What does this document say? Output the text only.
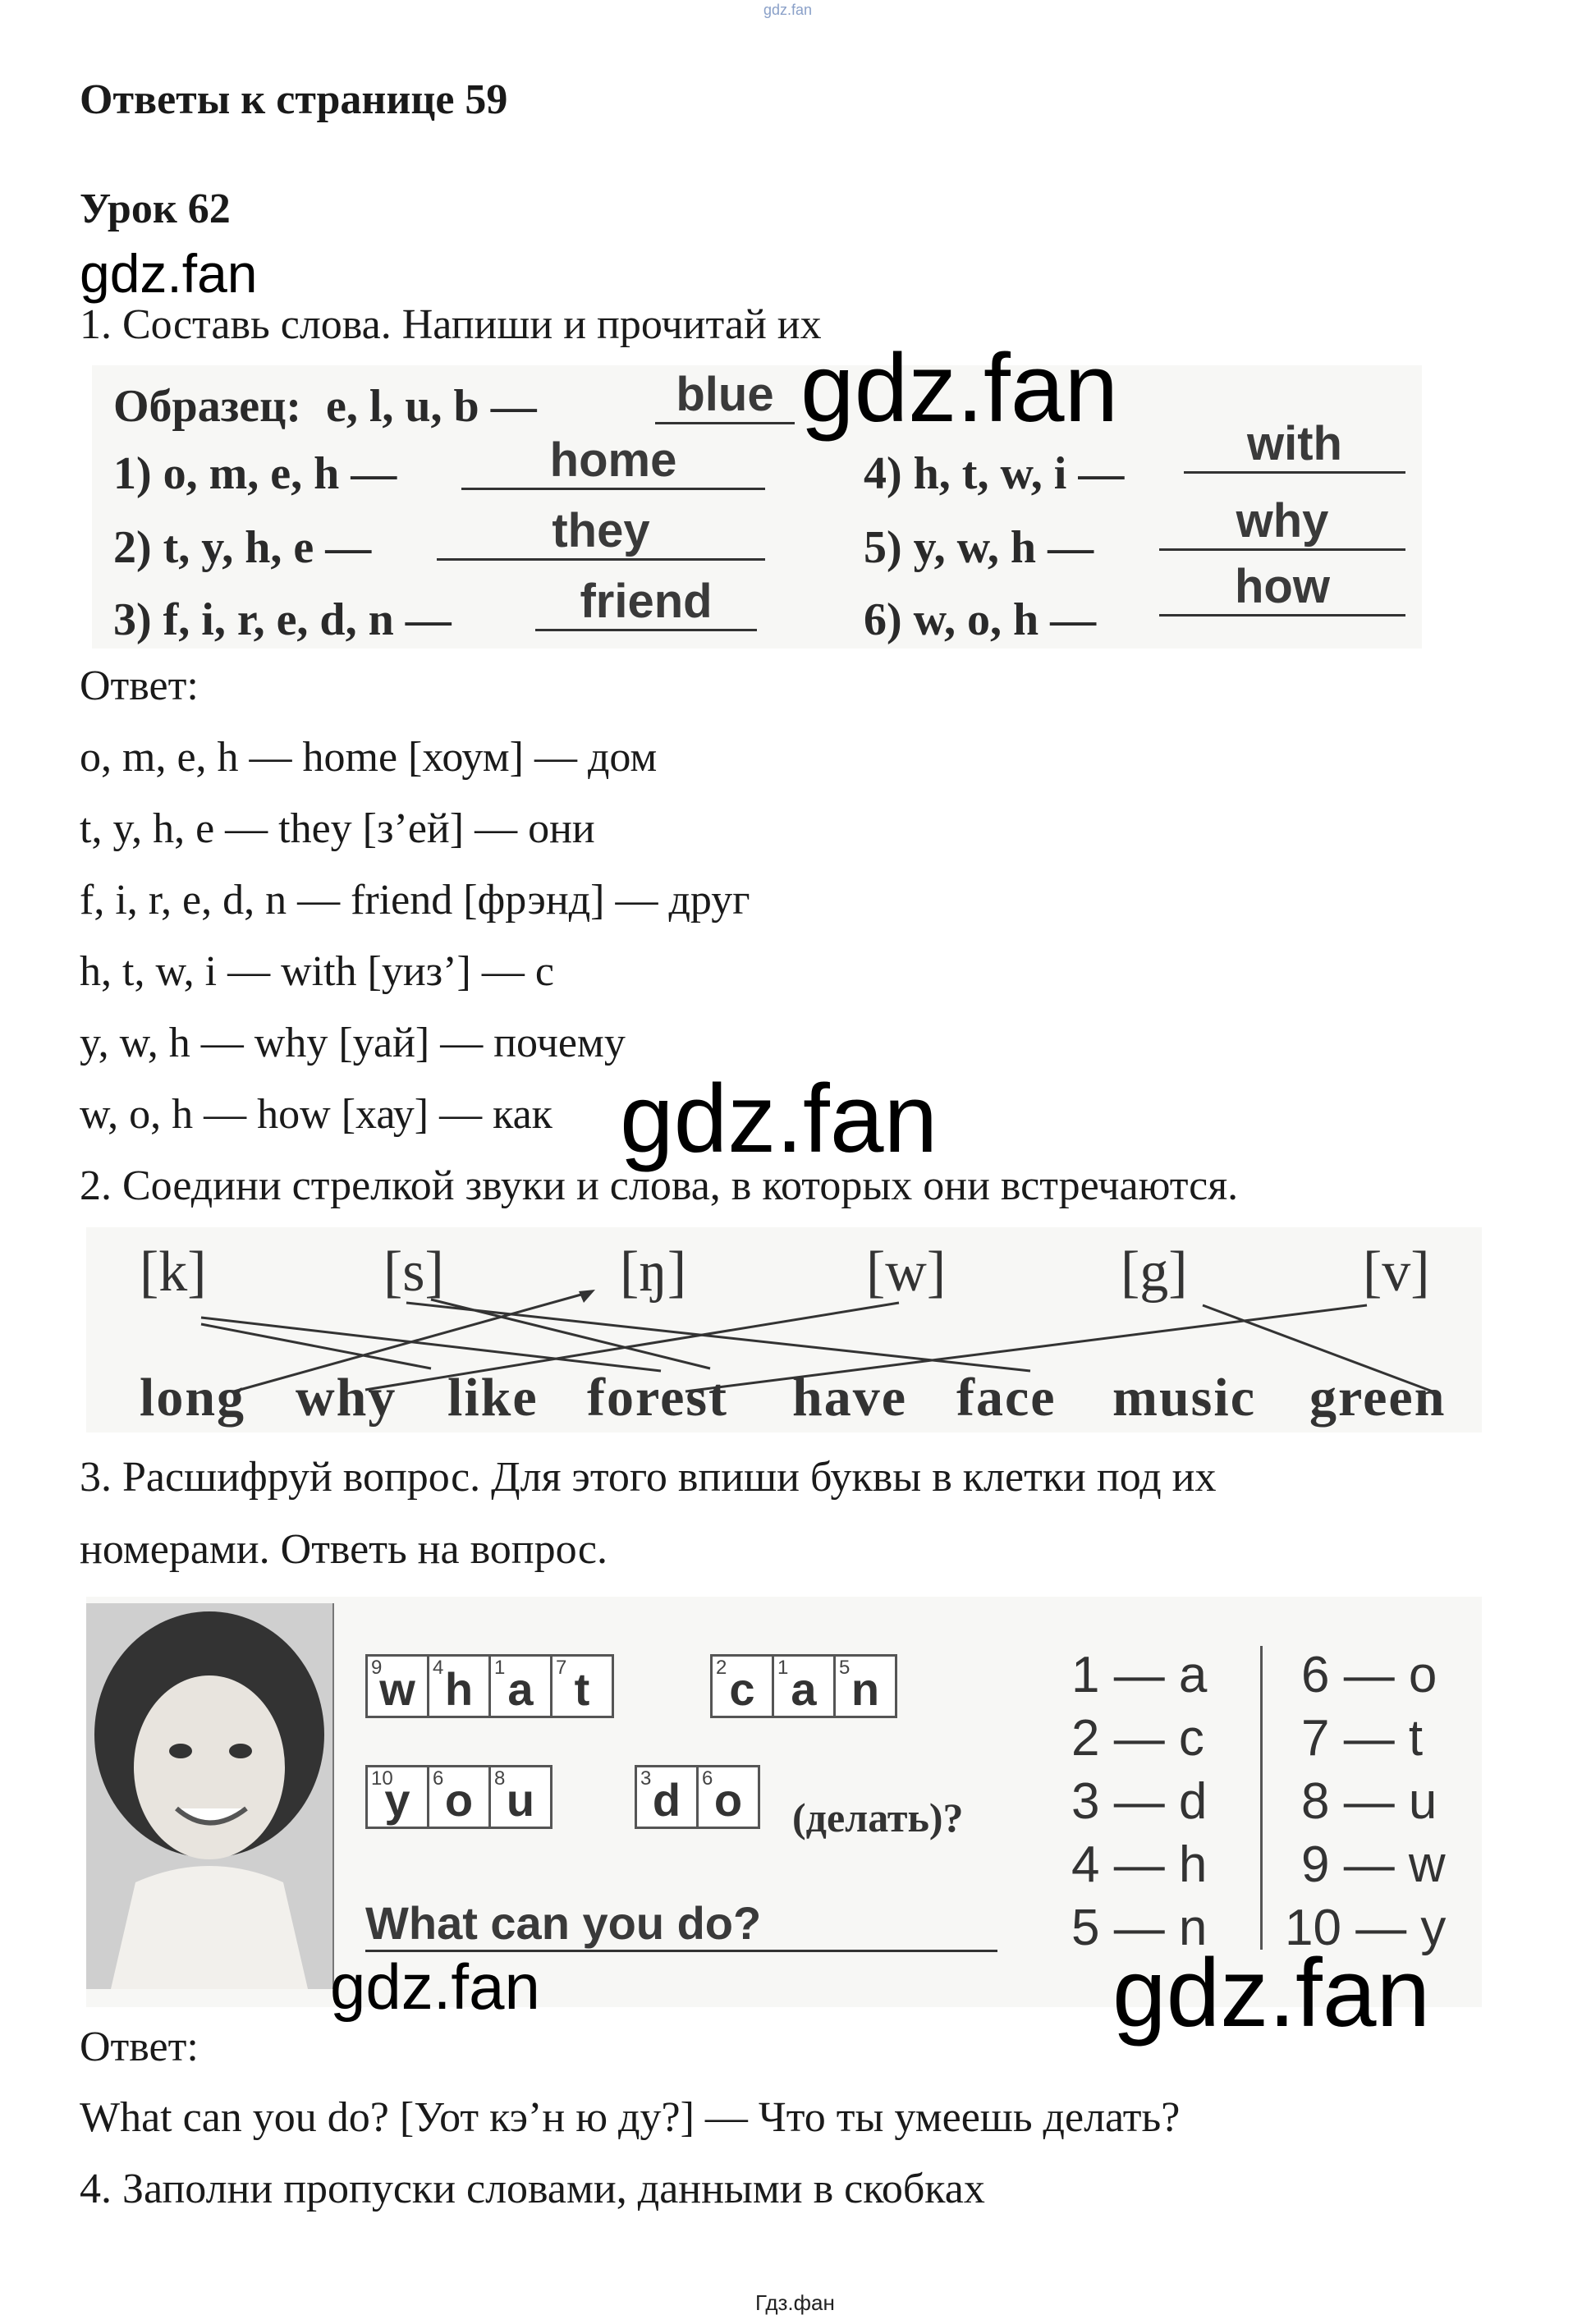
gdz.fan
Ответы к странице 59
Урок 62
gdz.fan
1. Составь слова. Напиши и прочитай их
Образец: e, l, u, b —	blue
1) o, m, e, h —	home
2) t, y, h, e —	they
3) f, i, r, e, d, n —	friend
4) h, t, w, i —
with
5) y, w, h —	why
6) w, o, h —
how
gdz.fan
Ответ:
o, m, e, h — home [хоум] — дом
t, y, h, e — they [з’ей] — они
f, i, r, e, d, n — friend [фрэнд] — друг
h, t, w, i — with [уиз’] — с
y, w, h — why [уай] — почему
w, o, h — how [хау] — как gdz.fan
2. Соедини стрелкой звуки и слова, в которых они встречаются.
[k]	[s]	[ŋ]	[w]	[g]	[v]
long why like forest have face music green
3. Расшифруй вопрос. Для этого впиши буквы в клетки под их
номерами. Ответь на вопрос.
9
w 4 h	1 a	7 t	2 c	1 a	5 n
10
y	6 o	8 u	3 d	6 o	(делать)?
What can you do?
1 — a
2 — c
3 — d
4 — h
5 — n
6 — o
7 — t
8 — u
9 — w
10 — y
gdz.fan	gdz.fan
Ответ:
What can you do? [Уот кэ’н ю ду?] — Что ты умеешь делать?
4. Заполни пропуски словами, данными в скобках
Гдз.фан
